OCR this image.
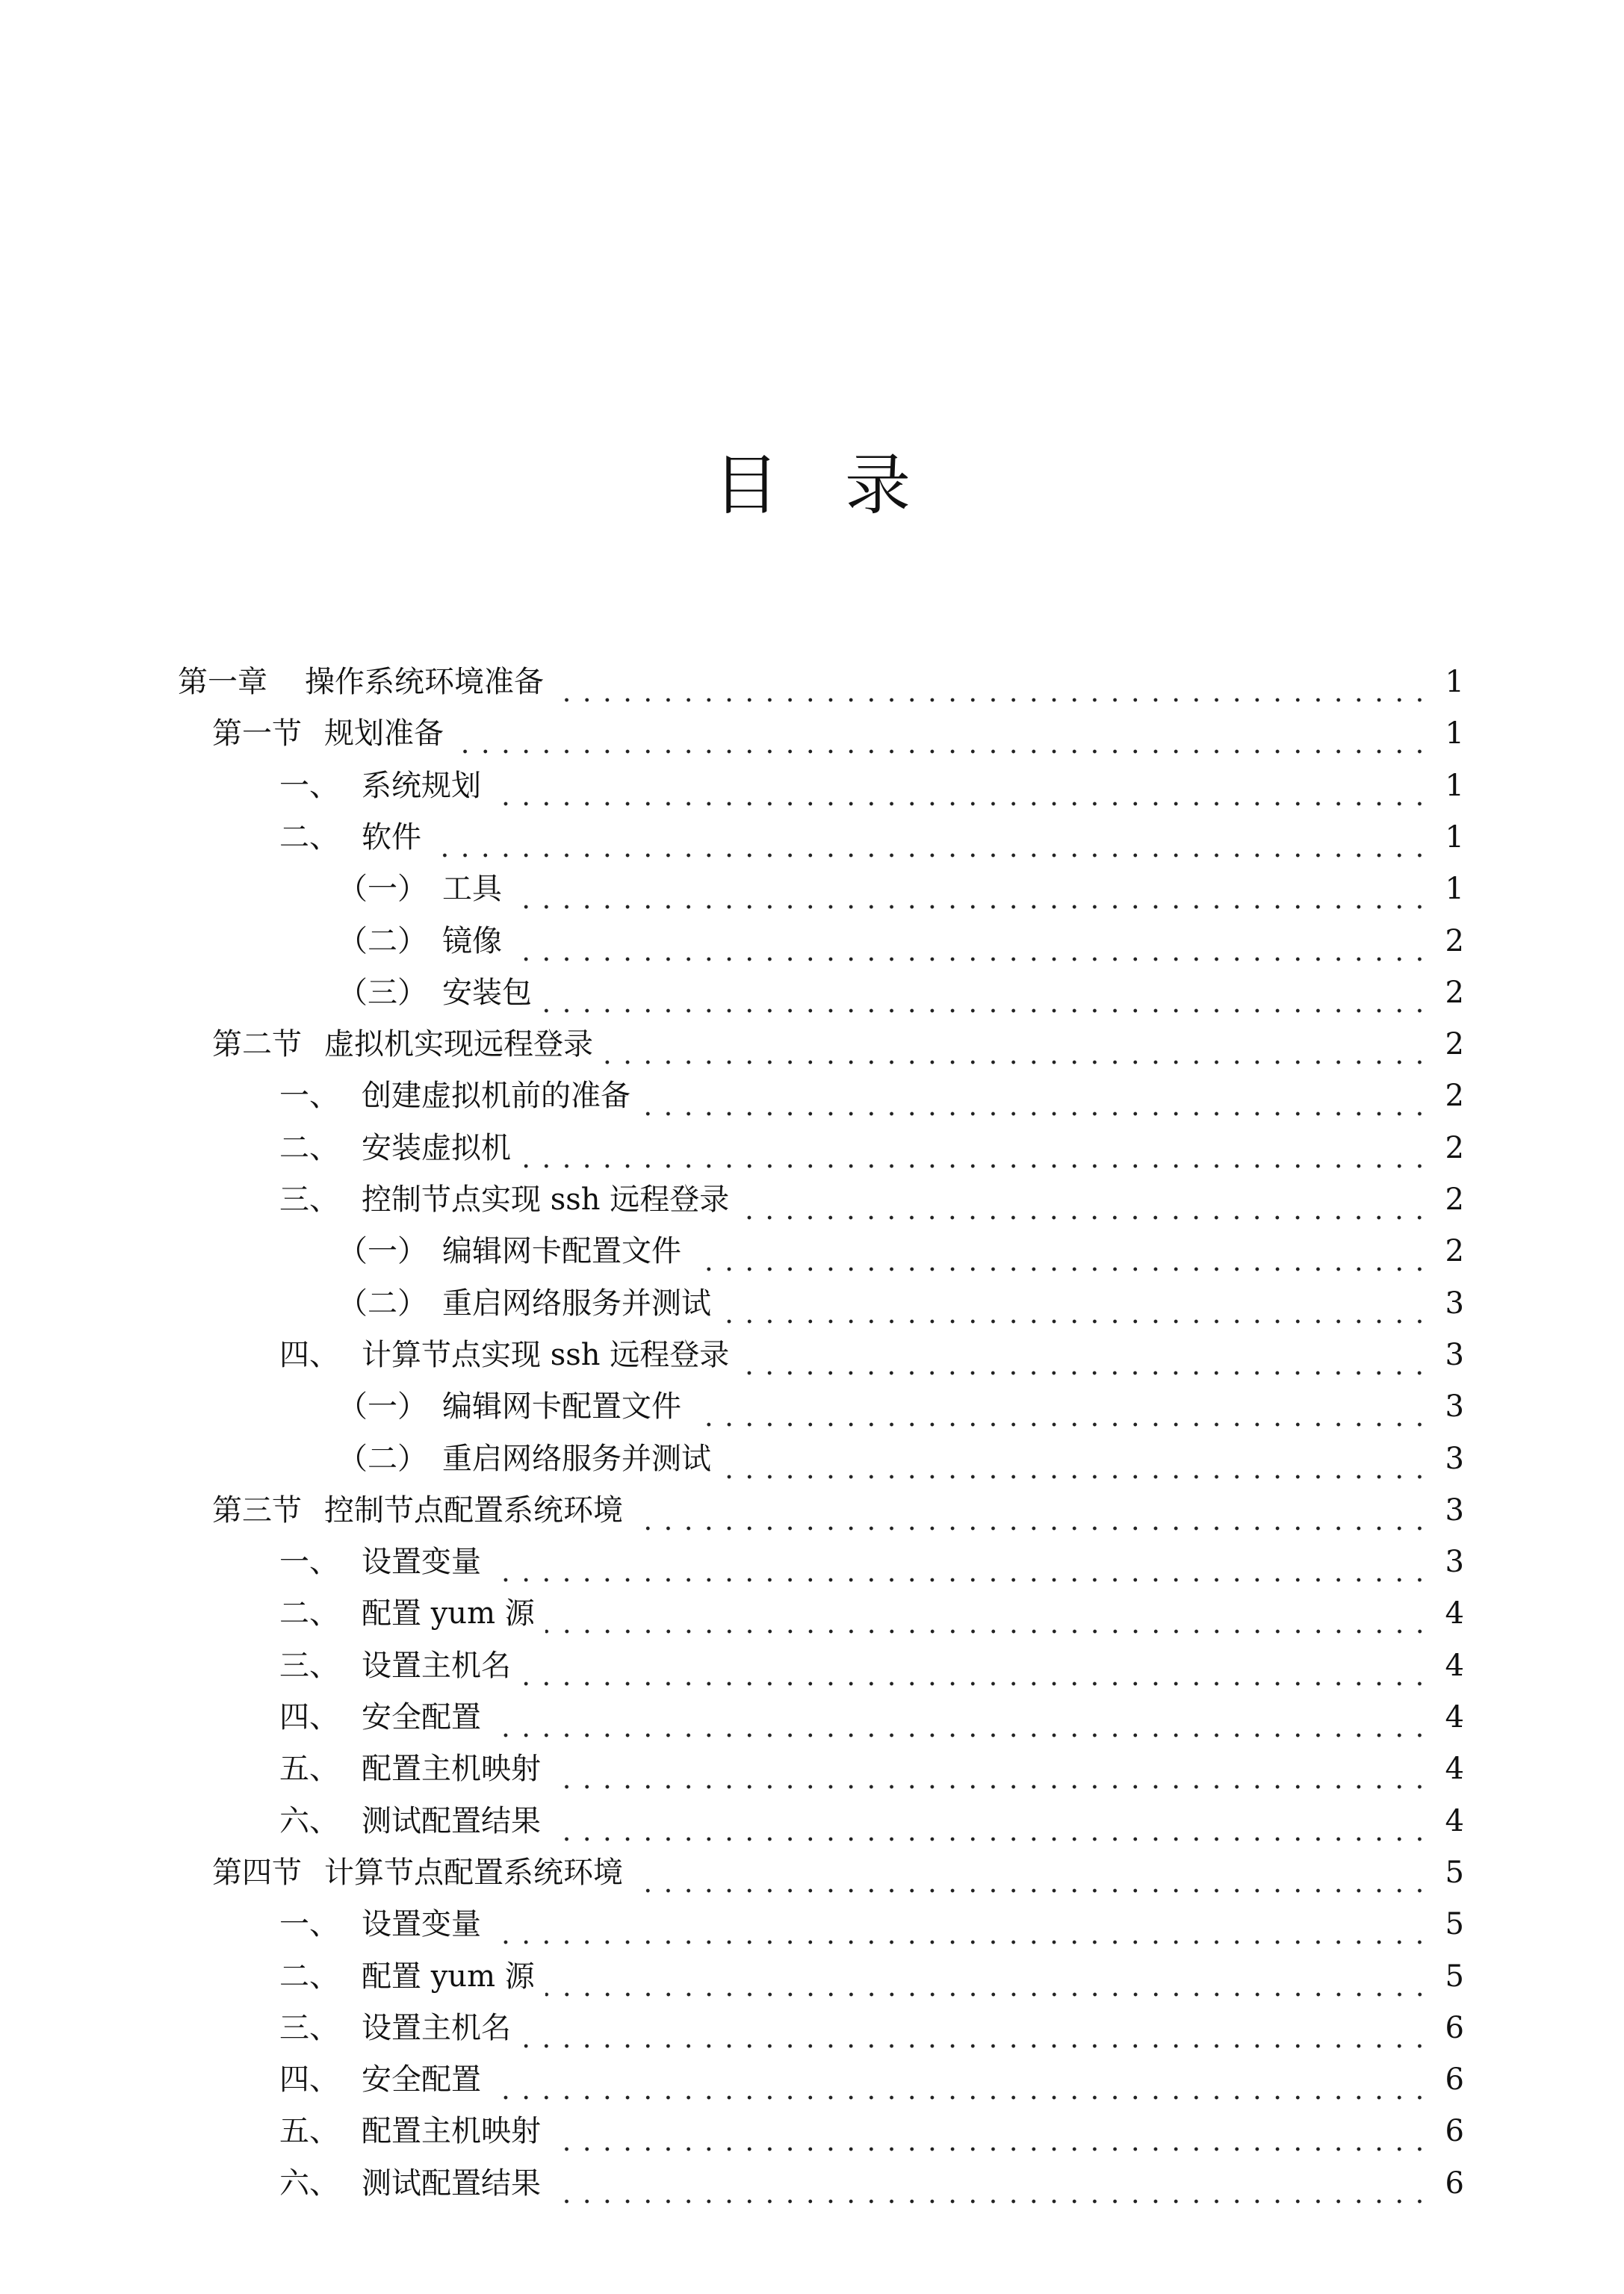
目 录
第一章	操作系统环境准备	1
第一节 规划准备	1
一、 系统规划	1
二、 软件	1
（一） 工具	1
（二） 镜像	2
（三） 安装包	2
第二节 虚拟机实现远程登录	2
一、 创建虚拟机前的准备	2
二、 安装虚拟机	2
三、 控制节点实现 ssh 远程登录	2
（一） 编辑网卡配置文件	2
（二） 重启网络服务并测试	3
四、 计算节点实现 ssh 远程登录	3
（一） 编辑网卡配置文件	3
（二） 重启网络服务并测试	3
第三节 控制节点配置系统环境	3
一、 设置变量	3
二、 配置 yum 源	4
三、 设置主机名	4
四、 安全配置	4
五、 配置主机映射	4
六、 测试配置结果	4
第四节 计算节点配置系统环境	5
一、 设置变量	5
二、 配置 yum 源	5
三、 设置主机名	6
四、 安全配置	6
五、 配置主机映射	6
六、 测试配置结果	6
